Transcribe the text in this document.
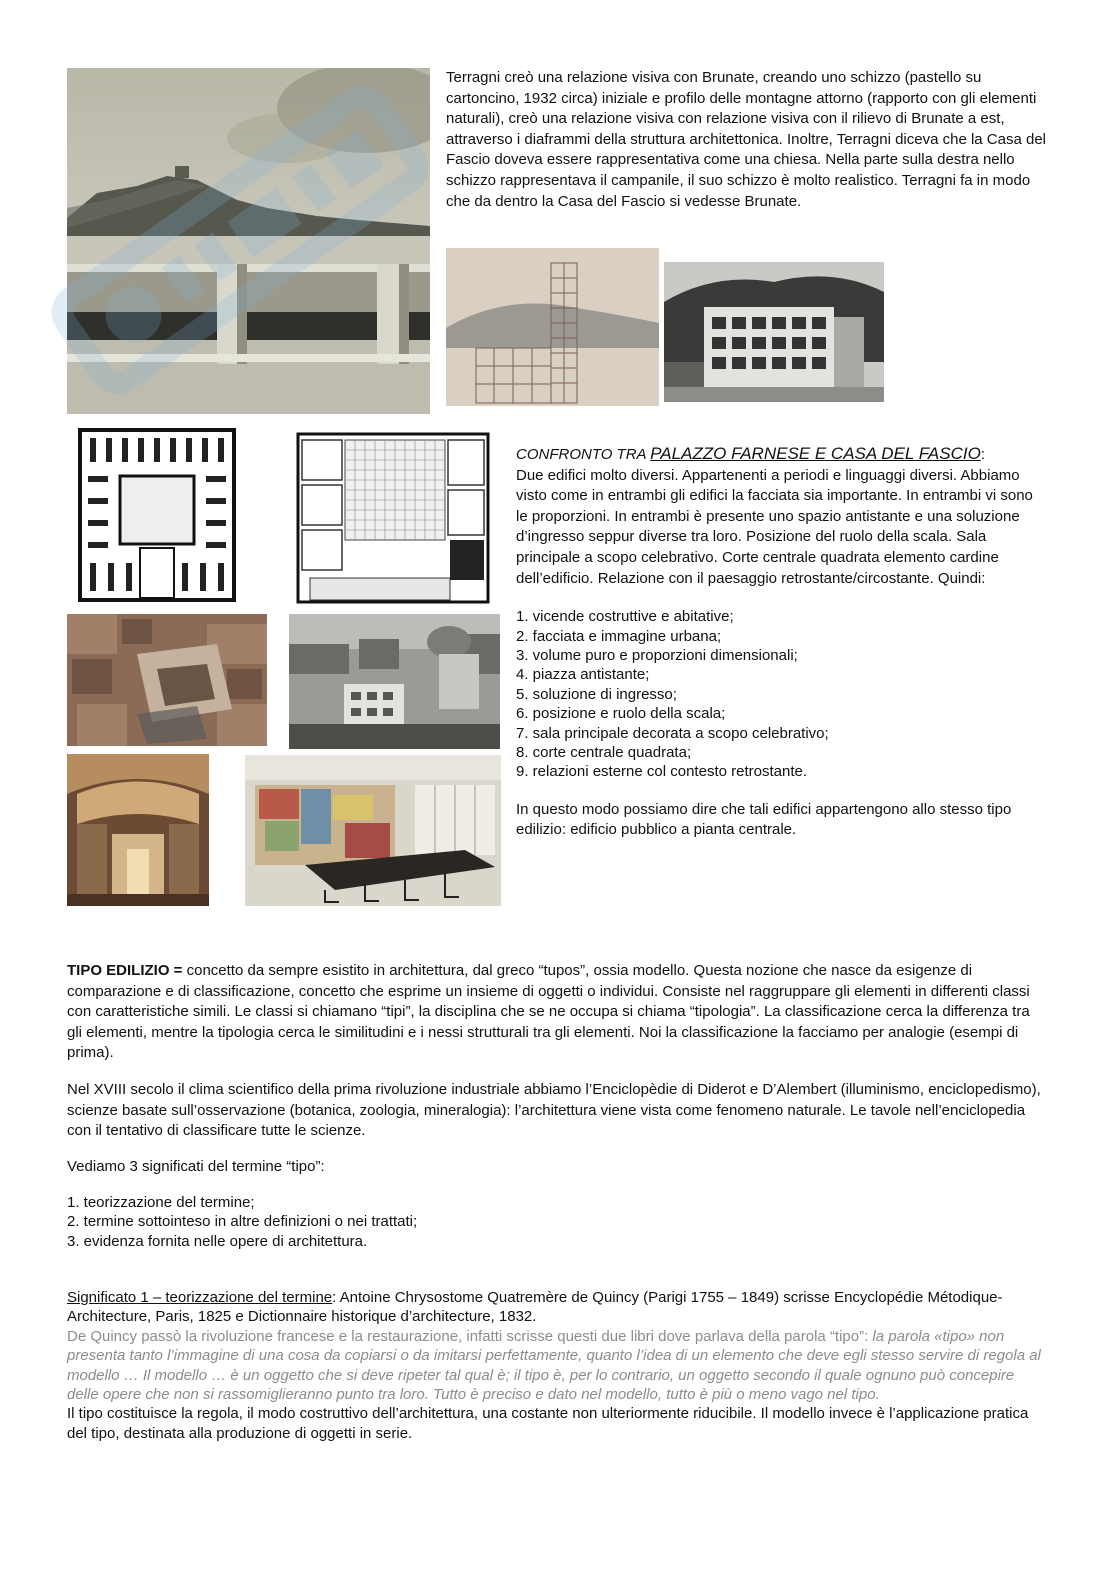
Terragni creò una relazione visiva con Brunate, creando uno schizzo (pastello su cartoncino, 1932 circa) iniziale e profilo delle montagne attorno (rapporto con gli elementi naturali), creò una relazione visiva con relazione visiva con il rilievo di Brunate a est, attraverso i diaframmi della struttura architettonica. Inoltre, Terragni diceva che la Casa del Fascio doveva essere rappresentativa come una chiesa. Nella parte sulla destra nello schizzo rappresentava il campanile, il suo schizzo è molto realistico. Terragni fa in modo che da dentro la Casa del Fascio si vedesse Brunate.

CONFRONTO TRA PALAZZO FARNESE E CASA DEL FASCIO:

Due edifici molto diversi. Appartenenti a periodi e linguaggi diversi. Abbiamo visto come in entrambi gli edifici la facciata sia importante. In entrambi vi sono le proporzioni. In entrambi è presente uno spazio antistante e una soluzione d’ingresso seppur diverse tra loro. Posizione del ruolo della scala. Sala principale a scopo celebrativo. Corte centrale quadrata elemento cardine dell’edificio. Relazione con il paesaggio retrostante/circostante. Quindi:

1. vicende costruttive e abitative;
2. facciata e immagine urbana;
3. volume puro e proporzioni dimensionali;
4. piazza antistante;
5. soluzione di ingresso;
6. posizione e ruolo della scala;
7. sala principale decorata a scopo celebrativo;
8. corte centrale quadrata;
9. relazioni esterne col contesto retrostante.

In questo modo possiamo dire che tali edifici appartengono allo stesso tipo edilizio: edificio pubblico a pianta centrale.

TIPO EDILIZIO = concetto da sempre esistito in architettura, dal greco “tupos”, ossia modello. Questa nozione che nasce da esigenze di comparazione e di classificazione, concetto che esprime un insieme di oggetti o individui. Consiste nel raggruppare gli elementi in differenti classi con caratteristiche simili. Le classi si chiamano “tipi”, la disciplina che se ne occupa si chiama “tipologia”. La classificazione cerca la differenza tra gli elementi, mentre la tipologia cerca le similitudini e i nessi strutturali tra gli elementi. Noi la classificazione la facciamo per analogie (esempi di prima).

Nel XVIII secolo il clima scientifico della prima rivoluzione industriale abbiamo l’Enciclopèdie di Diderot e D’Alembert (illuminismo, enciclopedismo), scienze basate sull’osservazione (botanica, zoologia, mineralogia): l’architettura viene vista come fenomeno naturale. Le tavole nell’enciclopedia con il tentativo di classificare tutte le scienze.

Vediamo 3 significati del termine “tipo”:

1. teorizzazione del termine;
2. termine sottointeso in altre definizioni o nei trattati;
3. evidenza fornita nelle opere di architettura.

Significato 1 – teorizzazione del termine: Antoine Chrysostome Quatremère de Quincy (Parigi 1755 – 1849) scrisse Encyclopédie Métodique-Architecture, Paris, 1825 e Dictionnaire historique d’architecture, 1832.

De Quincy passò la rivoluzione francese e la restaurazione, infatti scrisse questi due libri dove parlava della parola “tipo”: la parola «tipo» non presenta tanto l’immagine di una cosa da copiarsi o da imitarsi perfettamente, quanto l’idea di un elemento che deve egli stesso servire di regola al modello … Il modello … è un oggetto che si deve ripeter tal qual è; il tipo è, per lo contrario, un oggetto secondo il quale ognuno può concepire delle opere che non si rassomiglieranno punto tra loro. Tutto è preciso e dato nel modello, tutto è più o meno vago nel tipo.

Il tipo costituisce la regola, il modo costruttivo dell’architettura, una costante non ulteriormente riducibile. Il modello invece è l’applicazione pratica del tipo, destinata alla produzione di oggetti in serie.
